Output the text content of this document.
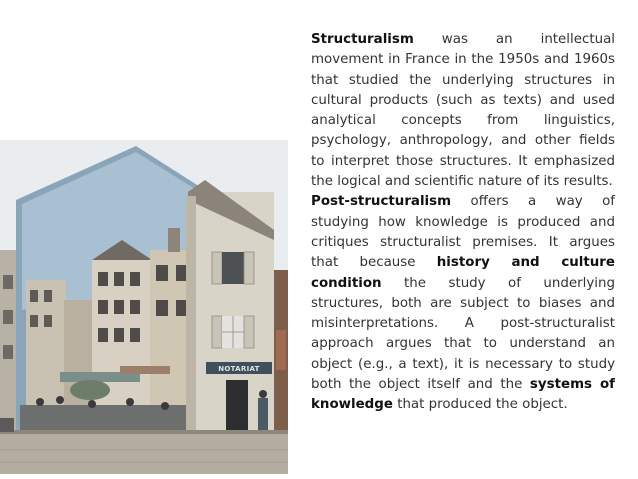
NOTARIAT

Structuralism was an intellectual movement in France in the 1950s and 1960s that studied the underlying structures in cultural products (such as texts) and used analytical concepts from linguistics, psychology, anthropology, and other fields to interpret those structures. It emphasized the logical and scientific nature of its results.

Post-structuralism offers a way of studying how knowledge is produced and critiques structuralist premises. It argues that because history and culture condition the study of underlying structures, both are subject to biases and misinterpretations. A post-structuralist approach argues that to understand an object (e.g., a text), it is necessary to study both the object itself and the systems of knowledge that produced the object.
